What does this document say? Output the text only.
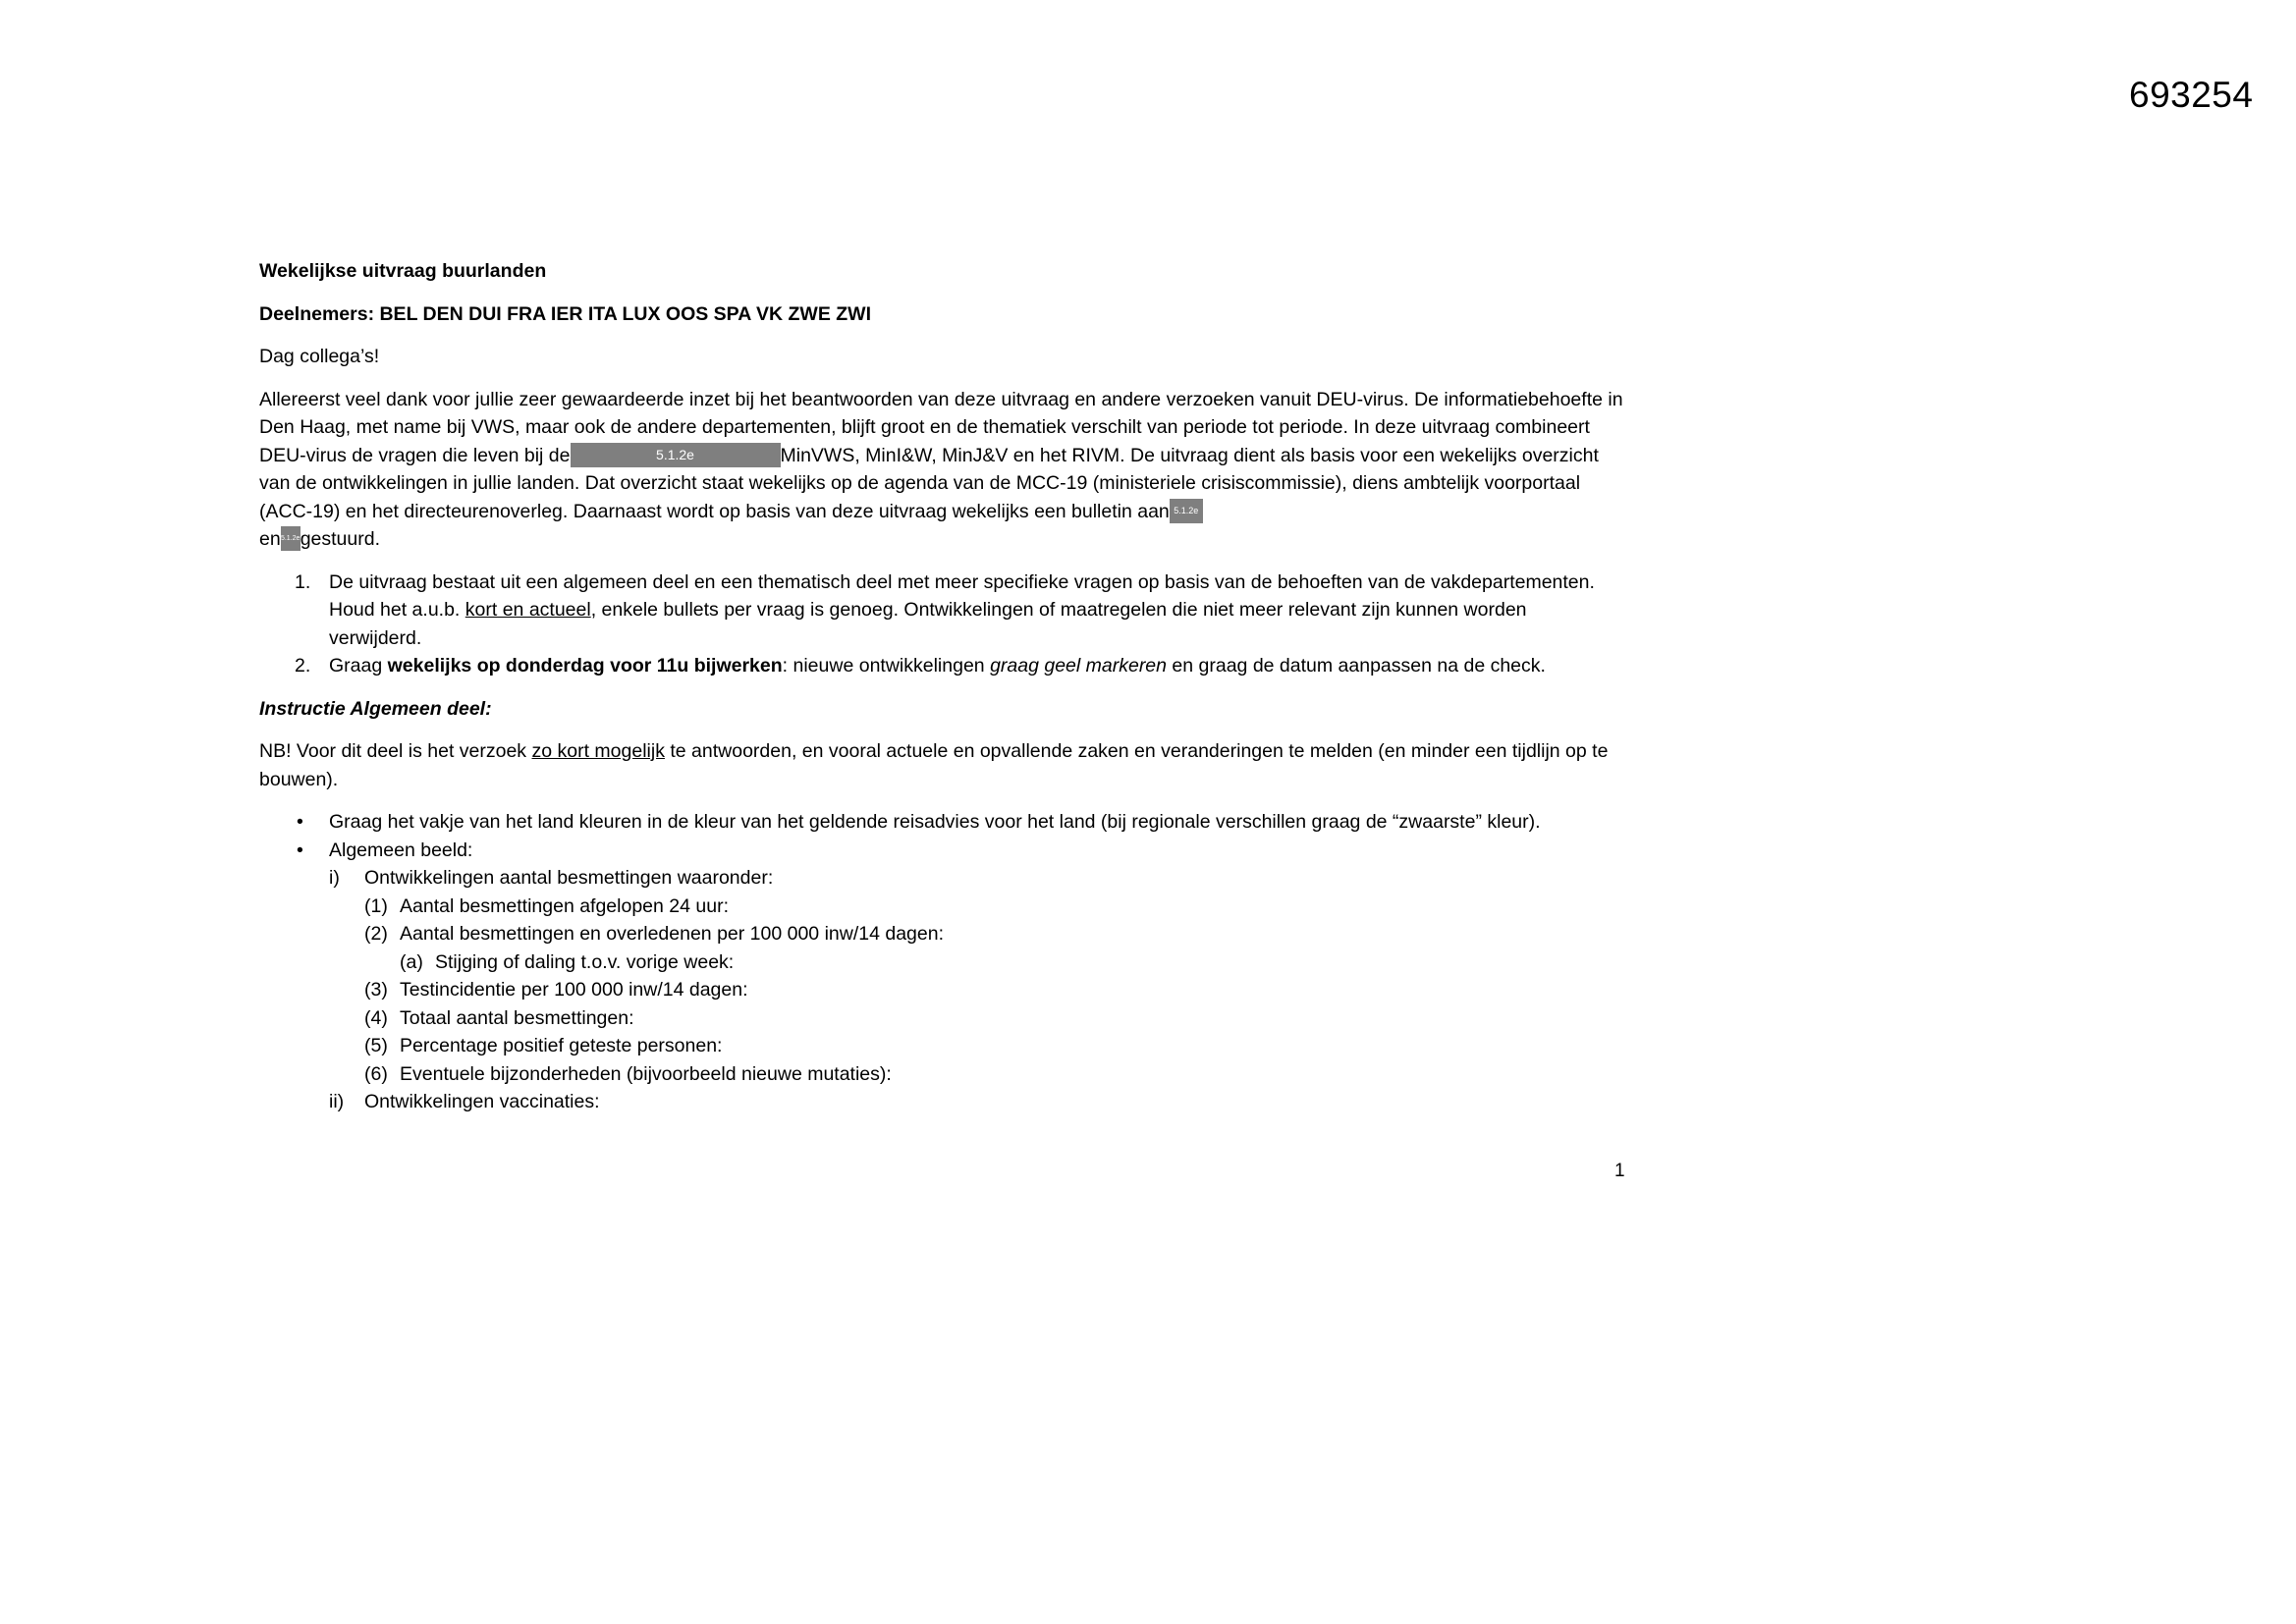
693254

Wekelijkse uitvraag buurlanden

Deelnemers: BEL DEN DUI FRA IER ITA LUX OOS SPA VK ZWE ZWI

Dag collega’s!

Allereerst veel dank voor jullie zeer gewaardeerde inzet bij het beantwoorden van deze uitvraag en andere verzoeken vanuit DEU-virus. De informatiebehoefte in Den Haag, met name bij VWS, maar ook de andere departementen, blijft groot en de thematiek verschilt van periode tot periode. In deze uitvraag combineert DEU-virus de vragen die leven bij de	5.1.2e	MinVWS, MinI&W, MinJ&V en het RIVM. De uitvraag dient als basis voor een wekelijks overzicht van de ontwikkelingen in jullie landen. Dat overzicht staat wekelijks op de agenda van de MCC-19 (ministeriele crisiscommissie), diens ambtelijk voorportaal (ACC-19) en het directeurenoverleg. Daarnaast wordt op basis van deze uitvraag wekelijks een bulletin aan 5.1.2e
en5.1.2egestuurd.

1. De uitvraag bestaat uit een algemeen deel en een thematisch deel met meer specifieke vragen op basis van de behoeften van de vakdepartementen. Houd het a.u.b. kort en actueel, enkele bullets per vraag is genoeg. Ontwikkelingen of maatregelen die niet meer relevant zijn kunnen worden verwijderd.
2. Graag wekelijks op donderdag voor 11u bijwerken: nieuwe ontwikkelingen graag geel markeren en graag de datum aanpassen na de check.

Instructie Algemeen deel:

NB! Voor dit deel is het verzoek zo kort mogelijk te antwoorden, en vooral actuele en opvallende zaken en veranderingen te melden (en minder een tijdlijn op te bouwen).

• Graag het vakje van het land kleuren in de kleur van het geldende reisadvies voor het land (bij regionale verschillen graag de “zwaarste” kleur).
• Algemeen beeld:
i) Ontwikkelingen aantal besmettingen waaronder:
(1) Aantal besmettingen afgelopen 24 uur:
(2) Aantal besmettingen en overledenen per 100 000 inw/14 dagen:
(a) Stijging of daling t.o.v. vorige week:
(3) Testincidentie per 100 000 inw/14 dagen:
(4) Totaal aantal besmettingen:
(5) Percentage positief geteste personen:
(6) Eventuele bijzonderheden (bijvoorbeeld nieuwe mutaties):
ii) Ontwikkelingen vaccinaties:
1
